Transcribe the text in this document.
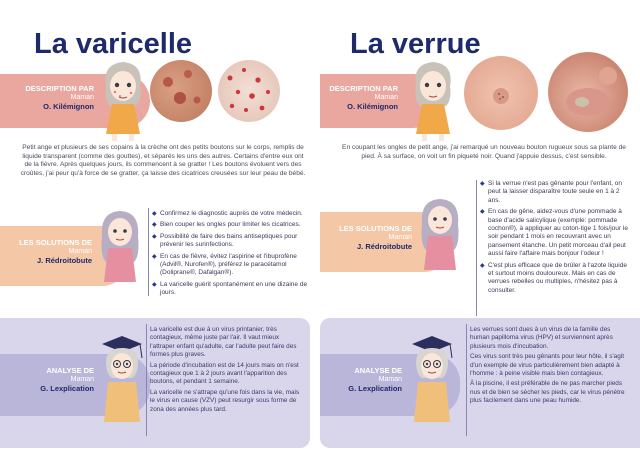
La varicelle
DESCRIPTION PAR
Maman
O. Kilémignon
Petit ange et plusieurs de ses copains à la crèche ont des petits boutons sur le corps, remplis de liquide transparent (comme des gouttes), et séparés les uns des autres. Certains d'entre eux ont de la fièvre. Après quelques jours, ils commencent à se gratter ! Les boutons évoluent vers des croûtes, j'ai peur qu'à force de se gratter, ça laisse des cicatrices creusées sur leur peau de bébé.
LES SOLUTIONS DE
Maman
J. Rédroitobute
◆ Confirmez le diagnostic auprès de votre médecin.
◆ Bien couper les ongles pour limiter les cicatrices.
◆ Possibilité de faire des bains antiseptiques pour prévenir les surinfections.
◆ En cas de fièvre, évitez l'aspirine et l'ibuprofène (Advil®, Nurofen®), préférez le paracétamol (Doliprane®, Dafalgan®).
◆ La varicelle guérit spontanément en une dizaine de jours.
ANALYSE DE
Maman
G. Lexplication

La varicelle est due à un virus printanier, très contagieux, même juste par l'air. Il vaut mieux l'attraper enfant qu'adulte, car l'adulte peut faire des formes plus graves.

La période d'incubation est de 14 jours mais on n'est contagieux que 1 à 2 jours avant l'apparition des boutons, et pendant 1 semaine.

La varicelle ne s'attrape qu'une fois dans la vie, mais le virus en cause (VZV) peut resurgir sous forme de zona des années plus tard.

La verrue
DESCRIPTION PAR
Maman
O. Kilémignon
En coupant les ongles de petit ange, j'ai remarqué un nouveau bouton rugueux sous sa plante de pied. À sa surface, on voit un fin piqueté noir. Quand j'appuie dessus, c'est sensible.
LES SOLUTIONS DE
Maman
J. Rédroitobute
◆ Si la verrue n'est pas gênante pour l'enfant, on peut la laisser disparaître toute seule en 1 à 2 ans.
◆ En cas de gêne, aidez-vous d'une pommade à base d'acide salicylique (exemple: pommade cochon®), à appliquer au coton-tige 1 fois/jour le soir pendant 1 mois en recouvrant avec un pansement étanche. Un petit morceau d'ail peut aussi faire l'affaire mais bonjour l'odeur !
◆ C'est plus efficace que de brûler à l'azote liquide et surtout moins douloureux. Mais en cas de verrues rebelles ou multiples, n'hésitez pas à consulter.
ANALYSE DE
Maman
G. Lexplication

Les verrues sont dues à un virus de la famille des human papilloma virus (HPV) et surviennent après plusieurs mois d'incubation.

Ces virus sont très peu gênants pour leur hôte, il s'agit d'un exemple de virus particulièrement bien adapté à l'homme : à peine visible mais bien contagieux.

À la piscine, il est préférable de ne pas marcher pieds nus et de bien se sécher les pieds, car le virus pénètre plus facilement dans une peau humide.
